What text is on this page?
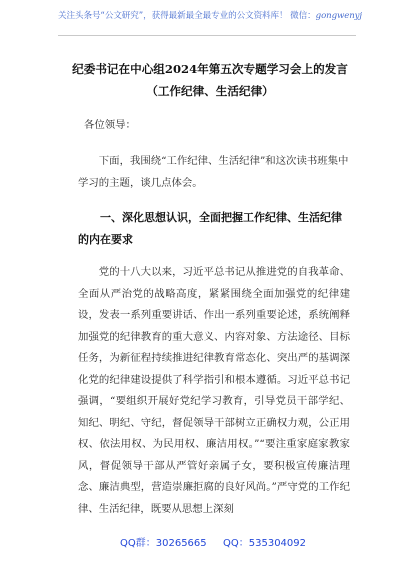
关注头条号“公文研究”，获得最新最全最专业的公文资料库！ 微信：gongwenyj
纪委书记在中心组2024年第五次专题学习会上的发言（工作纪律、生活纪律）
各位领导：
下面，我围绕“工作纪律、生活纪律”和这次读书班集中学习的主题，谈几点体会。
一、深化思想认识，全面把握工作纪律、生活纪律的内在要求
党的十八大以来，习近平总书记从推进党的自我革命、全面从严治党的战略高度，紧紧围绕全面加强党的纪律建设，发表一系列重要讲话、作出一系列重要论述，系统阐释加强党的纪律教育的重大意义、内容对象、方法途径、目标任务，为新征程持续推进纪律教育常态化、突出严的基调深化党的纪律建设提供了科学指引和根本遵循。习近平总书记强调，“要组织开展好党纪学习教育，引导党员干部学纪、知纪、明纪、守纪，督促领导干部树立正确权力观，公正用权、依法用权、为民用权、廉洁用权。”“要注重家庭家教家风，督促领导干部从严管好亲属子女，要积极宣传廉洁理念、廉洁典型，营造崇廉拒腐的良好风尚。”严守党的工作纪律、生活纪律，既要从思想上深刻
QQ群：30265665 QQ：535304092
